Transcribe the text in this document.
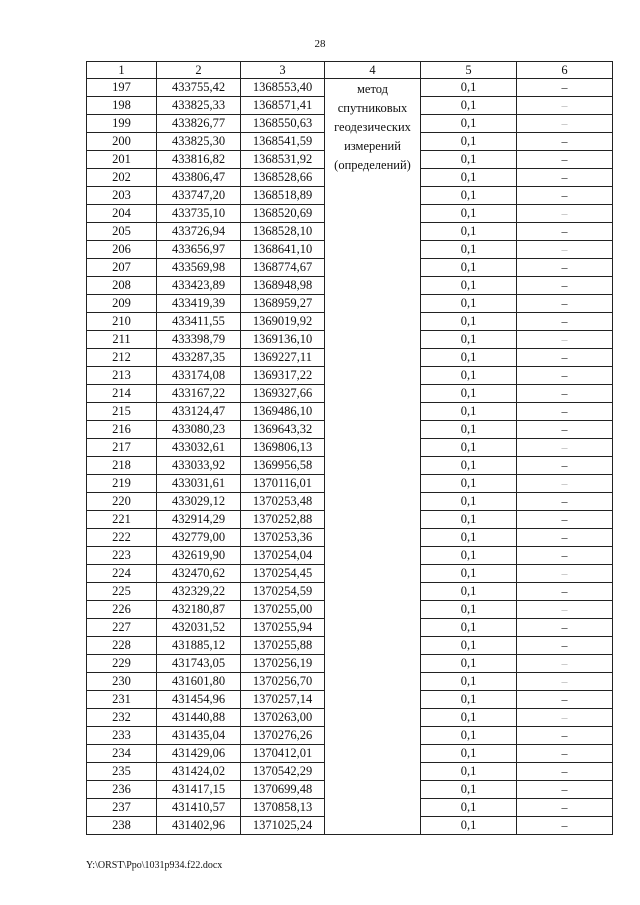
28
1	2	3	4	5	6
197	433755,42	1368553,40	метод
спутниковых
геодезических
измерений
(определений)	0,1	–
198	433825,33	1368571,41		0,1	–
199	433826,77	1368550,63		0,1	–
200	433825,30	1368541,59		0,1	–
201	433816,82	1368531,92		0,1	–
202	433806,47	1368528,66		0,1	–
203	433747,20	1368518,89		0,1	–
204	433735,10	1368520,69		0,1	–
205	433726,94	1368528,10		0,1	–
206	433656,97	1368641,10		0,1	–
207	433569,98	1368774,67		0,1	–
208	433423,89	1368948,98		0,1	–
209	433419,39	1368959,27		0,1	–
210	433411,55	1369019,92		0,1	–
211	433398,79	1369136,10		0,1	–
212	433287,35	1369227,11		0,1	–
213	433174,08	1369317,22		0,1	–
214	433167,22	1369327,66		0,1	–
215	433124,47	1369486,10		0,1	–
216	433080,23	1369643,32		0,1	–
217	433032,61	1369806,13		0,1	–
218	433033,92	1369956,58		0,1	–
219	433031,61	1370116,01		0,1	–
220	433029,12	1370253,48		0,1	–
221	432914,29	1370252,88		0,1	–
222	432779,00	1370253,36		0,1	–
223	432619,90	1370254,04		0,1	–
224	432470,62	1370254,45		0,1	–
225	432329,22	1370254,59		0,1	–
226	432180,87	1370255,00		0,1	–
227	432031,52	1370255,94		0,1	–
228	431885,12	1370255,88		0,1	–
229	431743,05	1370256,19		0,1	–
230	431601,80	1370256,70		0,1	–
231	431454,96	1370257,14		0,1	–
232	431440,88	1370263,00		0,1	–
233	431435,04	1370276,26		0,1	–
234	431429,06	1370412,01		0,1	–
235	431424,02	1370542,29		0,1	–
236	431417,15	1370699,48		0,1	–
237	431410,57	1370858,13		0,1	–
238	431402,96	1371025,24		0,1	–
Y:\ORST\Ppo\1031p934.f22.docx
